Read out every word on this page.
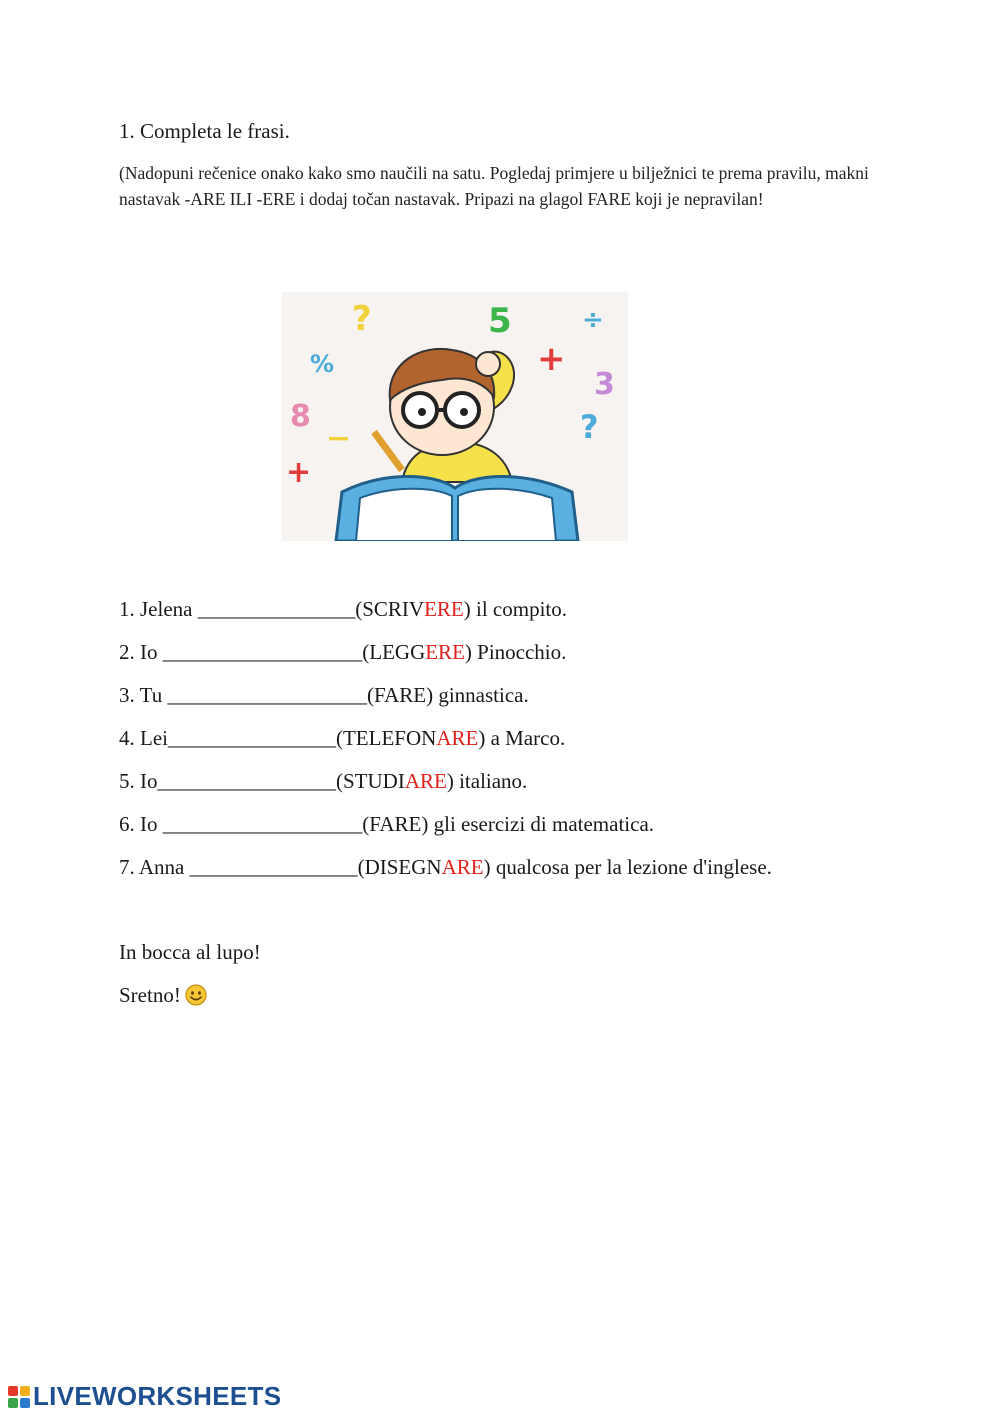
1. Completa le frasi.
(Nadopuni rečenice onako kako smo naučili na satu. Pogledaj primjere u bilježnici te prema pravilu, makni nastavak -ARE ILI -ERE i dodaj točan nastavak. Pripazi na glagol FARE koji je nepravilan!
?	5	÷
%	+
3
8	?
−
+
1. Jelena _______________(SCRIVERE) il compito.
2. Io ___________________(LEGGERE) Pinocchio.
3. Tu ___________________(FARE) ginnastica.
4. Lei________________(TELEFONARE) a Marco.
5. Io_________________(STUDIARE) italiano.
6. Io ___________________(FARE) gli esercizi di matematica.
7. Anna ________________(DISEGNARE) qualcosa per la lezione d'inglese.
In bocca al lupo!
Sretno!
LIVEWORKSHEETS
